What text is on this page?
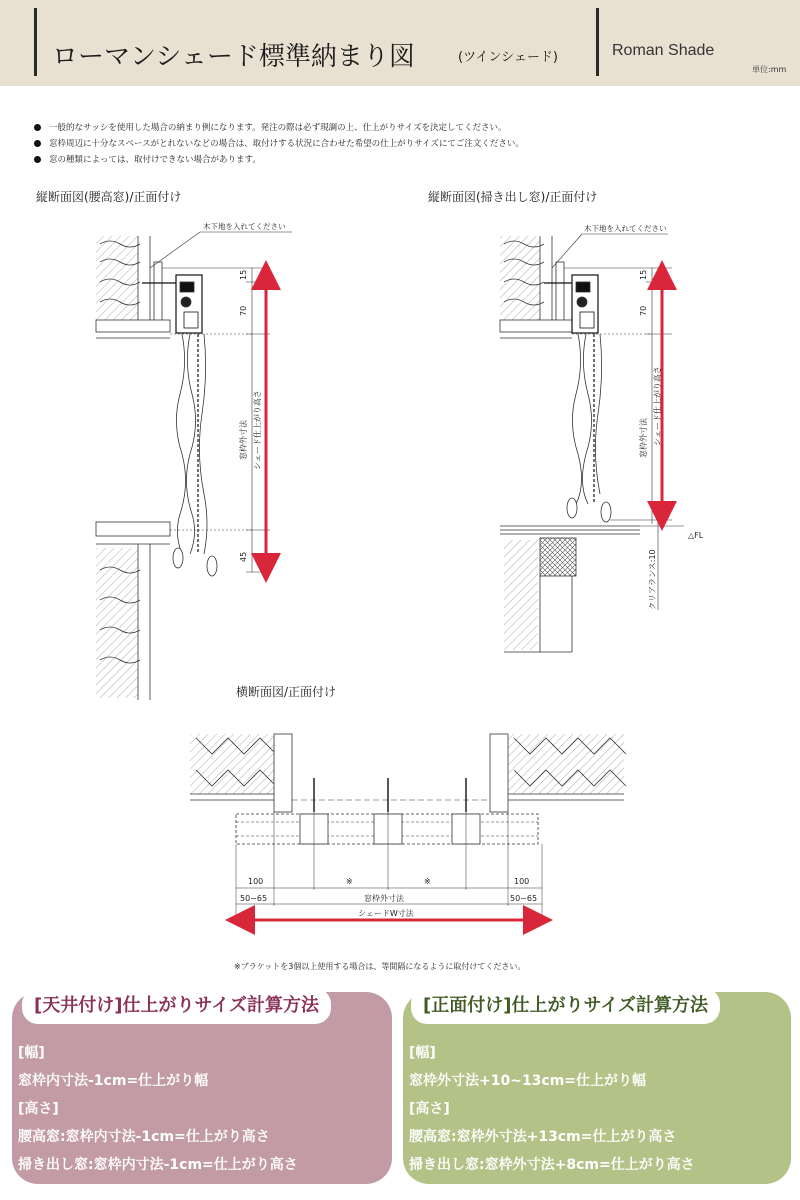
ローマンシェード標準納まり図	(ツインシェード)	Roman Shade
単位:mm
一般的なサッシを使用した場合の納まり例になります。発注の際は必ず現調の上、仕上がりサイズを決定してください。
窓枠周辺に十分なスペースがとれないなどの場合は、取付けする状況に合わせた希望の仕上がりサイズにてご注文ください。
窓の種類によっては、取付けできない場合があります。
縦断面図(腰高窓)/正面付け	縦断面図(掃き出し窓)/正面付け
横断面図/正面付け
木下地を入れてください
15
70
45
窓枠外寸法 シェード仕上がり高さ
木下地を入れてください
15
70
窓枠外寸法 シェード仕上がり高さ
△FL
クリアランス:10
100	※	※	100
50~65	窓枠外寸法	50~65
シェードW寸法
※ブラケットを3個以上使用する場合は、等間隔になるように取付けてください。
[天井付け]仕上がりサイズ計算方法
[幅]
窓枠内寸法-1cm=仕上がり幅
[高さ]
腰高窓:窓枠内寸法-1cm=仕上がり高さ
掃き出し窓:窓枠内寸法-1cm=仕上がり高さ
[正面付け]仕上がりサイズ計算方法
[幅]
窓枠外寸法+10~13cm=仕上がり幅
[高さ]
腰高窓:窓枠外寸法+13cm=仕上がり高さ
掃き出し窓:窓枠外寸法+8cm=仕上がり高さ
